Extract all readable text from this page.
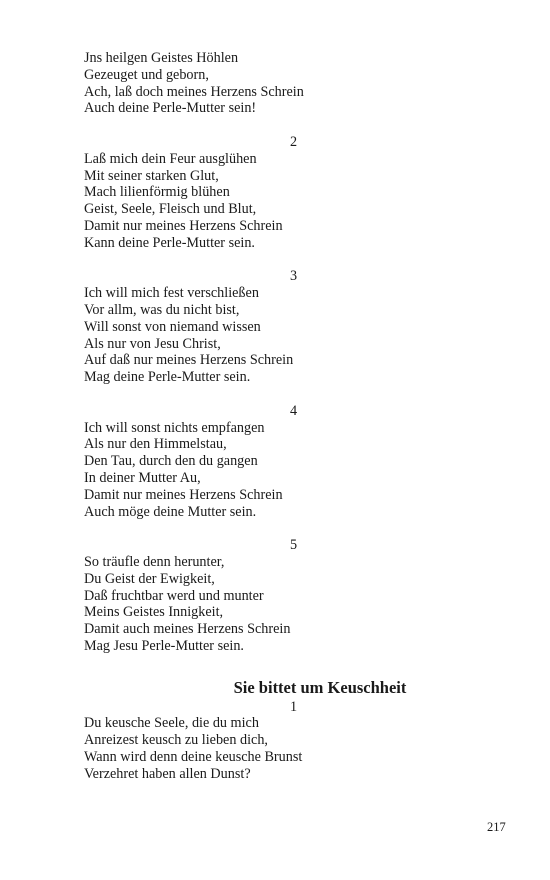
Jns heilgen Geistes Höhlen
Gezeuget und geborn,
Ach, laß doch meines Herzens Schrein
Auch deine Perle-Mutter sein!
2
Laß mich dein Feur ausglühen
Mit seiner starken Glut,
Mach lilienförmig blühen
Geist, Seele, Fleisch und Blut,
Damit nur meines Herzens Schrein
Kann deine Perle-Mutter sein.
3
Ich will mich fest verschließen
Vor allm, was du nicht bist,
Will sonst von niemand wissen
Als nur von Jesu Christ,
Auf daß nur meines Herzens Schrein
Mag deine Perle-Mutter sein.
4
Ich will sonst nichts empfangen
Als nur den Himmelstau,
Den Tau, durch den du gangen
In deiner Mutter Au,
Damit nur meines Herzens Schrein
Auch möge deine Mutter sein.
5
So träufle denn herunter,
Du Geist der Ewigkeit,
Daß fruchtbar werd und munter
Meins Geistes Innigkeit,
Damit auch meines Herzens Schrein
Mag Jesu Perle-Mutter sein.
Sie bittet um Keuschheit
1
Du keusche Seele, die du mich
Anreizest keusch zu lieben dich,
Wann wird denn deine keusche Brunst
Verzehret haben allen Dunst?
217
